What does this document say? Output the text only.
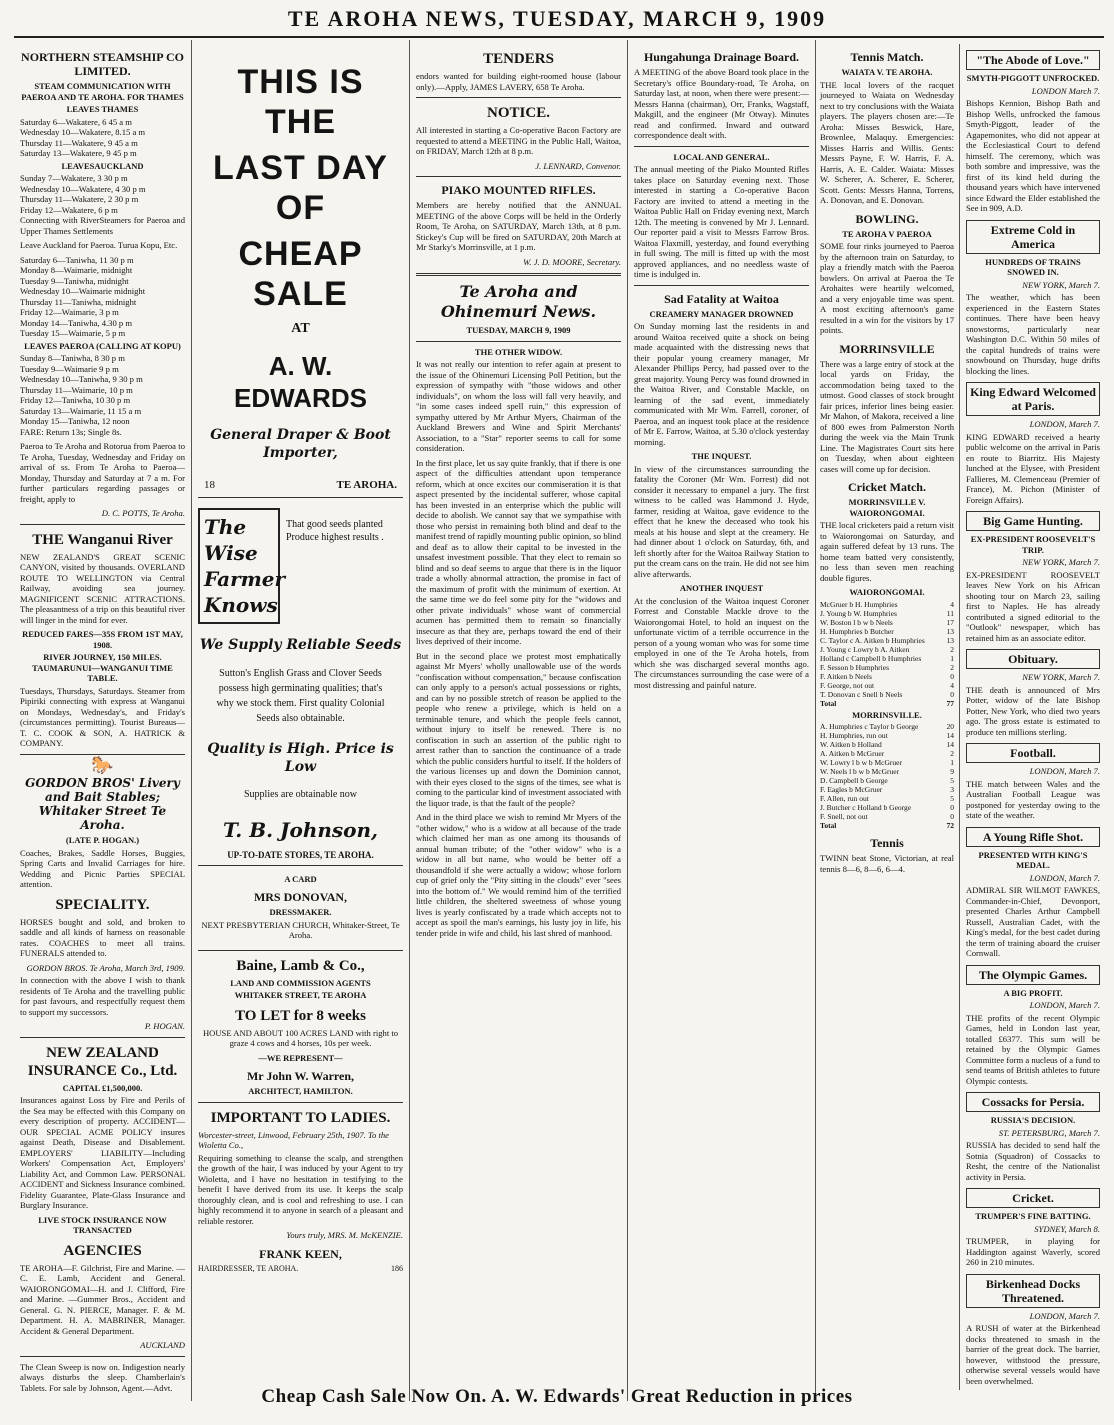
TE AROHA NEWS, TUESDAY, MARCH 9, 1909
NORTHERN STEAMSHIP CO LIMITED.
STEAM COMMUNICATION WITH PAEROA AND TE AROHA. FOR THAMES
LEAVES THAMES
Saturday 6—Wakatere, 6 45 a m
Wednesday 10—Wakatere, 8.15 a m
Thursday 11—Wakatere, 9 45 a m
Saturday 13—Wakatere, 9 45 p m
LEAVESAUCKLAND
Sunday 7—Wakatere, 3 30 p m
Wednesday 10—Wakatere, 4 30 p m
Thursday 11—Wakatere, 2 30 p m
Friday 12—Wakatere, 6 p m
Connecting with RiverSteamers for Paeroa and Upper Thames Settlements
Leave Auckland for Paeroa. Turua Kopu, Etc.
Saturday 6—Taniwha, 11 30 p m
Monday 8—Waimarie, midnight
Tuesday 9—Taniwha, midnight
Wednesday 10—Waimarie midnight
Thursday 11—Taniwha, midnight
Friday 12—Waimarie, 3 p m
Monday 14—Taniwha, 4.30 p m
Tuesday 15—Waimarie, 5 p m
LEAVES PAEROA (CALLING AT KOPU)
Sunday 8—Taniwha, 8 30 p m
Tuesday 9—Waimarie 9 p m
Wednesday 10—Taniwha, 9 30 p m
Thursday 11—Waimarie, 10 p m
Friday 12—Taniwha, 10 30 p m
Saturday 13—Waimarie, 11 15 a m
Monday 15—Taniwha, 12 noon
FARE: Return 13s; Single 8s.
Paeroa to Te Aroha and Rotorua from Paeroa to Te Aroha, Tuesday, Wednesday and Friday on arrival of ss. From Te Aroha to Paeroa—Monday, Thursday and Saturday at 7 a m. For further particulars regarding passages or freight, apply to
D. C. POTTS, Te Aroha.
THE Wanganui River
NEW ZEALAND'S GREAT SCENIC CANYON, visited by thousands. OVERLAND ROUTE TO WELLINGTON via Central Railway, avoiding sea journey. MAGNIFICENT SCENIC ATTRACTIONS. The pleasantness of a trip on this beautiful river will linger in the mind for ever.
REDUCED FARES—35S FROM 1ST MAY, 1908.
RIVER JOURNEY, 150 MILES. TAUMARUNUI—WANGANUI TIME TABLE.
Tuesdays, Thursdays, Saturdays. Steamer from Pipiriki connecting with express at Wanganui on Mondays, Wednesday's, and Friday's (circumstances permitting). Tourist Bureaus—T. C. COOK & SON, A. HATRICK & COMPANY.
🐎
GORDON BROS' Livery and Bait Stables; Whitaker Street Te Aroha.
(LATE P. HOGAN.)
Coaches, Brakes, Saddle Horses, Buggies, Spring Carts and Invalid Carriages for hire. Wedding and Picnic Parties SPECIAL attention.
SPECIALITY.
HORSES bought and sold, and broken to saddle and all kinds of harness on reasonable rates. COACHES to meet all trains. FUNERALS attended to.
GORDON BROS. Te Aroha, March 3rd, 1909.
In connection with the above I wish to thank residents of Te Aroha and the travelling public for past favours, and respectfully request them to support my successors.
P. HOGAN.
NEW ZEALAND INSURANCE Co., Ltd.
CAPITAL £1,500,000.
Insurances against Loss by Fire and Perils of the Sea may be effected with this Company on every description of property. ACCIDENT—OUR SPECIAL ACME POLICY insures against Death, Disease and Disablement. EMPLOYERS' LIABILITY—Including Workers' Compensation Act, Employers' Liability Act, and Common Law. PERSONAL ACCIDENT and Sickness Insurance combined. Fidelity Guarantee, Plate-Glass Insurance and Burglary Insurance.
LIVE STOCK INSURANCE NOW TRANSACTED
AGENCIES
TE AROHA—F. Gilchrist, Fire and Marine. —C. E. Lamb, Accident and General. WAIORONGOMAI—H. and J. Clifford, Fire and Marine. —Gummer Bros., Accident and General. G. N. PIERCE, Manager. F. & M. Department. H. A. MABRINER, Manager. Accident & General Department.
AUCKLAND
The Clean Sweep is now on. Indigestion nearly always disturbs the sleep. Chamberlain's Tablets. For sale by Johnson, Agent.—Advt.
THIS IS THE
LAST DAY OF
CHEAP SALE
AT
A. W. EDWARDS
General Draper & Boot Importer,
18	TE AROHA.
The Wise Farmer Knows
That good seeds planted Produce highest results .
We Supply Reliable Seeds
Sutton's English Grass and Clover Seeds possess high germinating qualities; that's why we stock them. First quality Colonial Seeds also obtainable.
Quality is High. Price is Low
Supplies are obtainable now
T. B. Johnson,
UP-TO-DATE STORES, TE AROHA.
A CARD
MRS DONOVAN,
DRESSMAKER.
NEXT PRESBYTERIAN CHURCH, Whitaker-Street, Te Aroha.
Baine, Lamb & Co.,
LAND AND COMMISSION AGENTS
WHITAKER STREET, TE AROHA
TO LET for 8 weeks
HOUSE AND ABOUT 100 ACRES LAND with right to graze 4 cows and 4 horses, 10s per week.
—WE REPRESENT—
Mr John W. Warren,
ARCHITECT, HAMILTON.
IMPORTANT TO LADIES.
Worcester-street, Linwood, February 25th, 1907. To the Wioletta Co.,
Requiring something to cleanse the scalp, and strengthen the growth of the hair, I was induced by your Agent to try Wioletta, and I have no hesitation in testifying to the benefit I have derived from its use. It keeps the scalp thoroughly clean, and is cool and refreshing to use. I can highly recommend it to anyone in search of a pleasant and reliable restorer.
Yours truly, MRS. M. McKENZIE.
FRANK KEEN,
HAIRDRESSER, TE AROHA.	186
TENDERS
endors wanted for building eight-roomed house (labour only).—Apply, JAMES LAVERY, 658 Te Aroha.
NOTICE.
All interested in starting a Co-operative Bacon Factory are requested to attend a MEETING in the Public Hall, Waitoa, on FRIDAY, March 12th at 8 p.m.
J. LENNARD, Convenor.
PIAKO MOUNTED RIFLES.
Members are hereby notified that the ANNUAL MEETING of the above Corps will be held in the Orderly Room, Te Aroha, on SATURDAY, March 13th, at 8 p.m. Stickey's Cup will be fired on SATURDAY, 20th March at Mr Starky's Morrinsville, at 1 p.m.
W. J. D. MOORE, Secretary.
Te Aroha and Ohinemuri News.
TUESDAY, MARCH 9, 1909
THE OTHER WIDOW.
It was not really our intention to refer again at present to the issue of the Ohinemuri Licensing Poll Petition, but the expression of sympathy with "those widows and other individuals", on whom the loss will fall very heavily, and "in some cases indeed spell ruin," this expression of sympathy uttered by Mr Arthur Myers, Chairman of the Auckland Brewers and Wine and Spirit Merchants' Association, to a "Star" reporter seems to call for some consideration.
In the first place, let us say quite frankly, that if there is one aspect of the difficulties attendant upon temperance reform, which at once excites our commiseration it is that aspect presented by the incidental sufferer, whose capital has been invested in an enterprise which the public will decide to abolish. We cannot say that we sympathise with those who persist in remaining both blind and deaf to the manifest trend of rapidly mounting public opinion, so blind and deaf as to allow their capital to be invested in the unsafest investment possible. That they elect to remain so blind and so deaf seems to argue that there is in the liquor trade a wholly abnormal attraction, the promise in fact of the maximum of profit with the minimum of exertion. At the same time we do feel some pity for the "widows and other private individuals" whose want of commercial acumen has permitted them to remain so financially insecure as that they are, perhaps toward the end of their lives deprived of their income.
But in the second place we protest most emphatically against Mr Myers' wholly unallowable use of the words "confiscation without compensation," because confiscation can only apply to a person's actual possessions or rights, and can by no possible stretch of reason be applied to the people who renew a privilege, which is held on a terminable tenure, and which the people feels cannot, without injury to itself be renewed. There is no confiscation in such an assertion of the public right to arrest rather than to sanction the continuance of a trade which the public considers hurtful to itself. If the holders of the various licenses up and down the Dominion cannot, with their eyes closed to the signs of the times, see what is coming to the particular kind of investment associated with the liquor trade, is that the fault of the people?
And in the third place we wish to remind Mr Myers of the "other widow," who is a widow at all because of the trade which claimed her man as one among its thousands of annual human tribute; of the "other widow" who is a widow in all but name, who would be better off a thousandfold if she were actually a widow; whose forlorn cup of grief only the "Pity sitting in the clouds" ever "sees into the bottom of." We would remind him of the terrified little children, the sheltered sweetness of whose young lives is yearly confiscated by a trade which accepts not to accept as spoil the man's earnings, his lusty joy in life, his tender pride in wife and child, his last shred of manhood.
Hungahunga Drainage Board.
A MEETING of the above Board took place in the Secretary's office Boundary-road, Te Aroha, on Saturday last, at noon, when there were present:—Messrs Hanna (chairman), Orr, Franks, Wagstaff, Makgill, and the engineer (Mr Otway). Minutes read and confirmed. Inward and outward correspondence dealt with.
LOCAL AND GENERAL.
The annual meeting of the Piako Mounted Rifles takes place on Saturday evening next. Those interested in starting a Co-operative Bacon Factory are invited to attend a meeting in the Waitoa Public Hall on Friday evening next, March 12th. The meeting is convened by Mr J. Lennard. Our reporter paid a visit to Messrs Farrow Bros. Waitoa Flaxmill, yesterday, and found everything in full swing. The mill is fitted up with the most approved appliances, and no needless waste of time is indulged in.
Sad Fatality at Waitoa
CREAMERY MANAGER DROWNED
On Sunday morning last the residents in and around Waitoa received quite a shock on being made acquainted with the distressing news that their popular young creamery manager, Mr Alexander Phillips Percy, had passed over to the great majority. Young Percy was found drowned in the Waitoa River, and Constable Mackle, on learning of the sad event, immediately communicated with Mr Wm. Farrell, coroner, of Paeroa, and an inquest took place at the residence of Mr E. Farrow, Waitoa, at 5.30 o'clock yesterday morning.
THE INQUEST.
In view of the circumstances surrounding the fatality the Coroner (Mr Wm. Forrest) did not consider it necessary to empanel a jury. The first witness to be called was Hammond J. Hyde, farmer, residing at Waitoa, gave evidence to the effect that he knew the deceased who took his meals at his house and slept at the creamery. He had dinner about 1 o'clock on Saturday, 6th, and left shortly after for the Waitoa Railway Station to put the cream cans on the train. He did not see him alive afterwards.
ANOTHER INQUEST
At the conclusion of the Waitoa inquest Coroner Forrest and Constable Mackle drove to the Waiorongomai Hotel, to hold an inquest on the unfortunate victim of a terrible occurrence in the person of a young woman who was for some time employed in one of the Te Aroha hotels, from which she was discharged several months ago. The circumstances surrounding the case were of a most distressing and painful nature.
Tennis Match.
WAIATA V. TE AROHA.
THE local lovers of the racquet journeyed to Waiata on Wednesday next to try conclusions with the Waiata players. The players chosen are:—Te Aroha: Misses Beswick, Hare, Brownlee, Malaquy. Emergencies: Misses Harris and Willis. Gents: Messrs Payne, F. W. Harris, F. A. Harris, A. E. Calder. Waiata: Misses W. Scherer, A. Scherer, E. Scherer, Scott. Gents: Messrs Hanna, Torrens, A. Donovan, and E. Donovan.
BOWLING.
TE AROHA V PAEROA
SOME four rinks journeyed to Paeroa by the afternoon train on Saturday, to play a friendly match with the Paeroa bowlers. On arrival at Paeroa the Te Arohaites were heartily welcomed, and a very enjoyable time was spent. A most exciting afternoon's game resulted in a win for the visitors by 17 points.
MORRINSVILLE
There was a large entry of stock at the local yards on Friday, the accommodation being taxed to the utmost. Good classes of stock brought fair prices, inferior lines being easier. Mr Mahon, of Makora, received a line of 800 ewes from Palmerston North during the week via the Main Trunk Line. The Magistrates Court sits here on Tuesday, when about eighteen cases will come up for decision.
Cricket Match.
MORRINSVILLE V. WAIORONGOMAI.
THE local cricketers paid a return visit to Waiorongomai on Saturday, and again suffered defeat by 13 runs. The home team batted very consistently, no less than seven men reaching double figures.
WAIORONGOMAI.
McGruer b H. Humphries	4
J. Young b W. Humphries	11
W. Boston l b w b Neels	17
H. Humphries b Butcher	13
C. Taylor c A. Aitken b Humphries	13
J. Young c Lowry b A. Aitken	2
Holland c Campbell b Humphries	1
F. Sesson b Humphries	2
F. Aitken b Neels	0
F. George, not out	4
T. Donovan c Snell b Neels	0
Total	77
MORRINSVILLE.
A. Humphries c Taylor b George	20
H. Humphries, run out	14
W. Aitken b Holland	14
A. Aitken b McGruer	2
W. Lowry l b w b McGruer	1
W. Neels l b w b McGruer	9
D. Campbell b George	5
F. Eagles b McGruer	3
F. Allen, run out	5
J. Butcher c Holland b George	0
F. Snell, not out	0
Total	72
Tennis
TWINN beat Stone, Victorian, at real tennis 8—6, 8—6, 6—4.
"The Abode of Love."
SMYTH-PIGGOTT UNFROCKED.
LONDON March 7.
Bishops Kennion, Bishop Bath and Bishop Wells, unfrocked the famous Smyth-Piggott, leader of the Agapemonites, who did not appear at the Ecclesiastical Court to defend himself. The ceremony, which was both sombre and impressive, was the first of its kind held during the thousand years which have intervened since Edward the Elder established the See in 909, A.D.
Extreme Cold in America
HUNDREDS OF TRAINS SNOWED IN.
NEW YORK, March 7.
The weather, which has been experienced in the Eastern States continues. There have been heavy snowstorms, particularly near Washington D.C. Within 50 miles of the capital hundreds of trains were snowbound on Thursday, huge drifts blocking the lines.
King Edward Welcomed at Paris.
LONDON, March 7.
KING EDWARD received a hearty public welcome on the arrival in Paris en route to Biarritz. His Majesty lunched at the Elysee, with President Fallieres, M. Clemenceau (Premier of France), M. Pichon (Minister of Foreign Affairs).
Big Game Hunting.
EX-PRESIDENT ROOSEVELT'S TRIP.
NEW YORK, March 7.
EX-PRESIDENT ROOSEVELT leaves New York on his African shooting tour on March 23, sailing first to Naples. He has already contributed a signed editorial to the "Outlook" newspaper, which has retained him as an associate editor.
Obituary.
NEW YORK, March 7.
THE death is announced of Mrs Potter, widow of the late Bishop Potter, New York, who died two years ago. The gross estate is estimated to produce ten millions sterling.
Football.
LONDON, March 7.
THE match between Wales and the Australian Football League was postponed for yesterday owing to the state of the weather.
A Young Rifle Shot.
PRESENTED WITH KING'S MEDAL.
LONDON, March 7.
ADMIRAL SIR WILMOT FAWKES, Commander-in-Chief, Devonport, presented Charles Arthur Campbell Russell, Australian Cadet, with the King's medal, for the best cadet during the term of training aboard the cruiser Cornwall.
The Olympic Games.
A BIG PROFIT.
LONDON, March 7.
THE profits of the recent Olympic Games, held in London last year, totalled £6377. This sum will be retained by the Olympic Games Committee form a nucleus of a fund to send teams of British athletes to future Olympic contests.
Cossacks for Persia.
RUSSIA'S DECISION.
ST. PETERSBURG, March 7.
RUSSIA has decided to send half the Sotnia (Squadron) of Cossacks to Resht, the centre of the Nationalist activity in Persia.
Cricket.
TRUMPER'S FINE BATTING.
SYDNEY, March 8.
TRUMPER, in playing for Haddington against Waverly, scored 260 in 210 minutes.
Birkenhead Docks Threatened.
LONDON, March 7.
A RUSH of water at the Birkenhead docks threatened to smash in the barrier of the great dock. The barrier, however, withstood the pressure, otherwise several vessels would have been overwhelmed.
Cheap Cash Sale Now On. A. W. Edwards' Great Reduction in prices
